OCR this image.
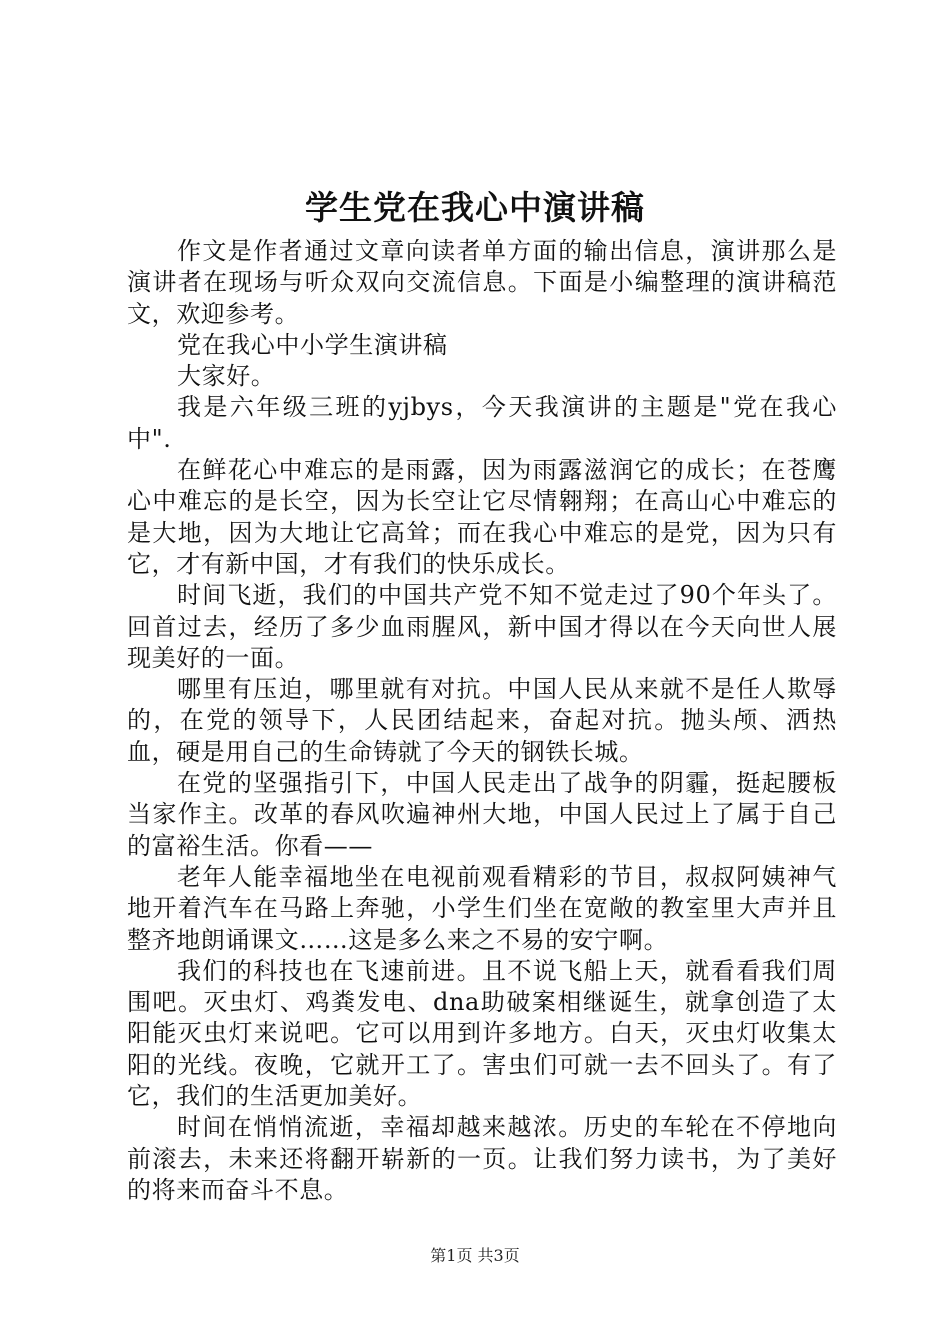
学生党在我心中演讲稿

作文是作者通过文章向读者单方面的输出信息，演讲那么是演讲者在现场与听众双向交流信息。下面是小编整理的演讲稿范文，欢迎参考。

党在我心中小学生演讲稿

大家好。

我是六年级三班的yjbys，今天我演讲的主题是"党在我心中".

在鲜花心中难忘的是雨露，因为雨露滋润它的成长；在苍鹰心中难忘的是长空，因为长空让它尽情翱翔；在高山心中难忘的是大地，因为大地让它高耸；而在我心中难忘的是党，因为只有它，才有新中国，才有我们的快乐成长。

时间飞逝，我们的中国共产党不知不觉走过了90个年头了。回首过去，经历了多少血雨腥风，新中国才得以在今天向世人展现美好的一面。

哪里有压迫，哪里就有对抗。中国人民从来就不是任人欺辱的，在党的领导下，人民团结起来，奋起对抗。抛头颅、洒热血，硬是用自己的生命铸就了今天的钢铁长城。

在党的坚强指引下，中国人民走出了战争的阴霾，挺起腰板当家作主。改革的春风吹遍神州大地，中国人民过上了属于自己的富裕生活。你看——

老年人能幸福地坐在电视前观看精彩的节目，叔叔阿姨神气地开着汽车在马路上奔驰，小学生们坐在宽敞的教室里大声并且整齐地朗诵课文……这是多么来之不易的安宁啊。

我们的科技也在飞速前进。且不说飞船上天，就看看我们周围吧。灭虫灯、鸡粪发电、dna助破案相继诞生，就拿创造了太阳能灭虫灯来说吧。它可以用到许多地方。白天，灭虫灯收集太阳的光线。夜晚，它就开工了。害虫们可就一去不回头了。有了它，我们的生活更加美好。

时间在悄悄流逝，幸福却越来越浓。历史的车轮在不停地向前滚去，未来还将翻开崭新的一页。让我们努力读书，为了美好的将来而奋斗不息。

第1页 共3页
